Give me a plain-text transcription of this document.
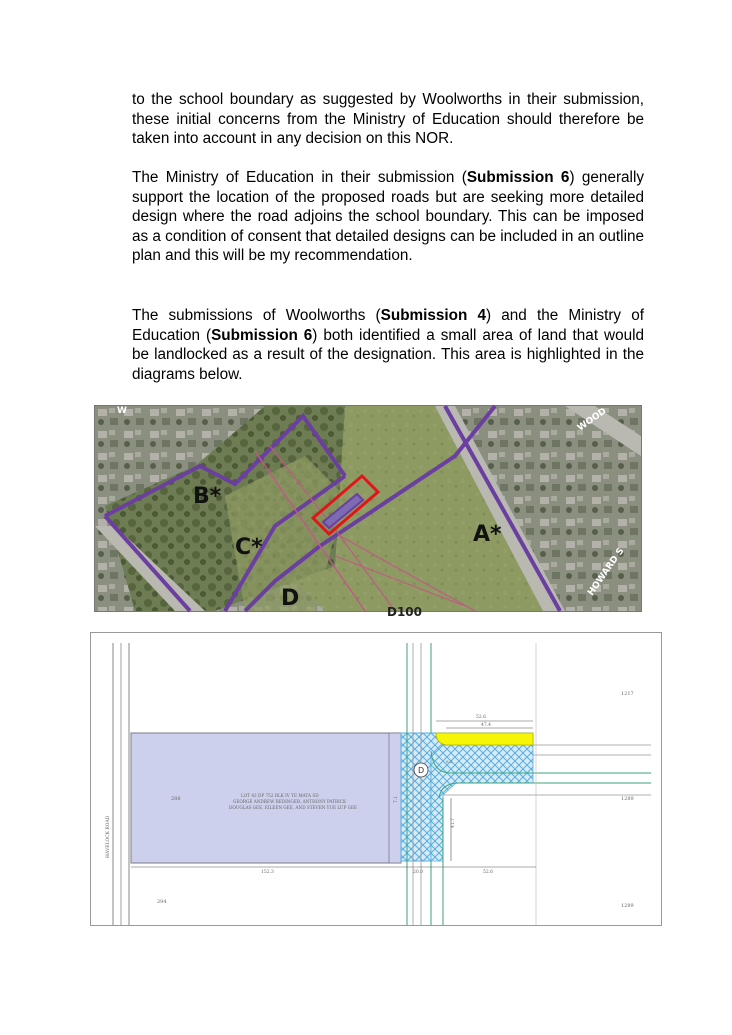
to the school boundary as suggested by Woolworths in their submission, these initial concerns from the Ministry of Education should therefore be taken into account in any decision on this NOR.

The Ministry of Education in their submission (Submission 6) generally support the location of the proposed roads but are seeking more detailed design where the road adjoins the school boundary. This can be imposed as a condition of consent that detailed designs can be included in an outline plan and this will be my recommendation.

The submissions of Woolworths (Submission 4) and the Ministry of Education (Submission 6) both identified a small area of land that would be landlocked as a result of the designation. This area is highlighted in the diagrams below.

B*
C*
A*
D
WOOD
HOWARD S
D100
W
HAVELOCK ROAD
288
LOT 42 DP 752 BLK IV TE MATA SD
GEORGE ANDREW BEDINGER, ANTHONY PATRICK
DOUGLAS GEE, EILEEN GEE, AND STEVEN YUE LUP GEE
D
52.6
47.4
152.3	20.0	52.6
41.7
7.1
6.2
1217
1289
1289
294
